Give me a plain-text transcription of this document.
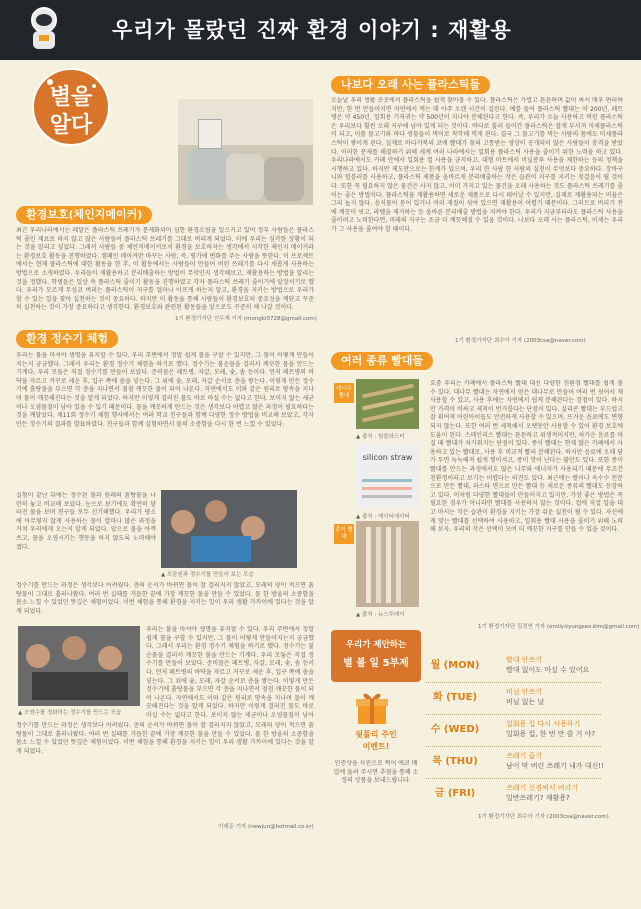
우리가 몰랐던 진짜 환경 이야기 : 재활용
별을
알다
환경보호(체인지메이커)
최근 우리나라에서는 페달은 플라스틱 쓰레기가 문제화되어 심한 환경오염을 일으키고 있어 정부 사람들은 플라스틱 줄인 재료로 하지 않고 많은 사람들이 플라스틱 쓰레기를 그대로 버리게 되었다. 이에 우리는 심각한 상황이 되는 것을 알리고 싶었다. 그래서 사람들 중 체인지메이커로서 환경을 보호하자는 생각에서 시작한 체인지 메이커라는 환경보호 활동을 진행하였다. 캠페인 메이커란 바꾸는 사람, 즉, 평가에 변화를 주는 사람을 뜻한다. 이 프로젝트에서는 현재 플라스틱에 대한 활동을 한 후, 이 활동에서는 사람들이 만들어 버린 쓰레기를 다시 새롭게 사용하는 방법으로 소개하였다. 우리들이 재활용하고 분리배출하는 방법이 무엇인지 생각해보고, 재활용하는 방법을 알리는 것을 정했다. 학생들은 일상 속 플라스틱 줄이기 활동을 진행하였고 각자 플라스틱 쓰레기 줄이기에 앞장서기로 했다. 우리가 모르게 무심코 버리는 플라스틱이 지구를 얼마나 아프게 하는지 알고, 환경을 지키는 방법으로 우리가 할 수 있는 일을 찾아 실천하는 것이 중요하다. 하지만 이 활동을 통해 사람들이 환경보호의 중요성을 깨닫고 꾸준히 실천하는 것이 가장 중요하다고 생각한다. 환경보호와 관련된 활동들을 앞으로도 꾸준히 해 나갈 것이다.
1기 환경기자단 인우재 기자 (mongki0728@gmail.com)
환경 정수기 체험
우리는 물을 마셔야 생명을 유지할 수 있다. 우리 주변에서 정말 쉽게 물을 구할 수 있지만, 그 물이 어떻게 만들어지는지 궁금했다. 그래서 우리는 환경 정수기 체험을 하기로 했다. 정수기는 불순물을 걸러서 깨끗한 물을 만드는 기계다. 우리 모둠은 직접 정수기를 만들어 보았다. 준비물은 페트병, 자갈, 모래, 숯, 솜 등이다. 먼저 페트병의 바닥을 자르고 거꾸로 세운 후, 입구 쪽에 솜을 넣는다. 그 위에 숯, 모래, 자갈 순서로 층을 쌓는다. 이렇게 만든 정수기에 흙탕물을 부으면 각 층을 지나면서 점점 깨끗한 물이 되어 나온다. 자연에서도 이와 같은 원리로 땅속을 지나며 물이 깨끗해진다는 것을 알게 되었다. 하지만 이렇게 걸러진 물도 바로 마실 수는 없다고 한다. 보이지 않는 세균이나 오염물질이 남아 있을 수 있기 때문이다. 물을 깨끗하게 만드는 것은 생각보다 어렵고 많은 과정이 필요하다는 것을 깨달았다. 제11회 정수기 체험 행사에서는 여러 학교 친구들과 함께 다양한 정수 방법을 비교해 보았고, 각자 만든 정수기의 결과를 발표하였다. 친구들과 함께 실험하면서 물의 소중함을 다시 한 번 느낄 수 있었다.
실험이 끝난 뒤에는 정수된 물과 원래의 흙탕물을 나란히 놓고 비교해 보았다. 눈으로 보기에도 확연히 달라진 물을 보며 친구들 모두 신기해했다. 우리가 평소에 아무렇지 않게 사용하는 물이 얼마나 많은 과정을 거쳐 우리에게 오는지 알게 되었다. 앞으로 물을 아껴 쓰고, 물을 오염시키는 행동을 하지 않도록 노력해야겠다.
▲ 모둠원과 정수기를 만들어 보는 모습
정수기를 만드는 과정은 생각보다 어려웠다. 층의 순서가 바뀌면 물이 잘 걸러지지 않았고, 모래의 양이 적으면 흙탕물이 그대로 흘러나왔다. 여러 번 실패를 거듭한 끝에 가장 깨끗한 물을 만들 수 있었다. 물 한 방울의 소중함을 몸소 느낄 수 있었던 뜻깊은 체험이었다. 이번 체험을 통해 환경을 지키는 일이 우리 생활 가까이에 있다는 것을 알게 되었다.
▲ 오염수를 정화하는 정수기를 만드는 모습
우리는 물을 마셔야 생명을 유지할 수 있다. 우리 주변에서 정말 쉽게 물을 구할 수 있지만, 그 물이 어떻게 만들어지는지 궁금했다. 그래서 우리는 환경 정수기 체험을 하기로 했다. 정수기는 불순물을 걸러서 깨끗한 물을 만드는 기계다. 우리 모둠은 직접 정수기를 만들어 보았다. 준비물은 페트병, 자갈, 모래, 숯, 솜 등이다. 먼저 페트병의 바닥을 자르고 거꾸로 세운 후, 입구 쪽에 솜을 넣는다. 그 위에 숯, 모래, 자갈 순서로 층을 쌓는다. 이렇게 만든 정수기에 흙탕물을 부으면 각 층을 지나면서 점점 깨끗한 물이 되어 나온다. 자연에서도 이와 같은 원리로 땅속을 지나며 물이 깨끗해진다는 것을 알게 되었다. 하지만 이렇게 걸러진 물도 바로 마실 수는 없다고 한다. 보이지 않는 세균이나 오염물질이 남아
정수기를 만드는 과정은 생각보다 어려웠다. 층의 순서가 바뀌면 물이 잘 걸러지지 않았고, 모래의 양이 적으면 흙탕물이 그대로 흘러나왔다. 여러 번 실패를 거듭한 끝에 가장 깨끗한 물을 만들 수 있었다. 물 한 방울의 소중함을 몸소 느낄 수 있었던 뜻깊은 체험이었다. 이번 체험을 통해 환경을 지키는 일이 우리 생활 가까이에 있다는 것을 알게 되었다.
이예준 기자 (newjun@hotmail.co.kr)
나보다 오래 사는 플라스틱들
오늘날 우리 생활 곳곳에서 플라스틱을 쉽게 찾아볼 수 있다. 플라스틱은 가볍고 튼튼하며 값이 싸서 매우 편리하지만, 한 번 만들어지면 자연에서 썩는 데 아주 오랜 시간이 걸린다. 예를 들어 플라스틱 빨대는 약 200년, 페트병은 약 450년, 일회용 기저귀는 약 500년이 지나야 분해된다고 한다. 즉, 우리가 오늘 사용하고 버린 플라스틱은 우리보다 훨씬 오래 지구에 남아 있게 되는 것이다. 바다로 흘러 들어간 플라스틱은 잘게 부서져 미세플라스틱이 되고, 이를 물고기와 바다 생물들이 먹이로 착각해 먹게 된다. 결국 그 물고기를 먹는 사람의 몸에도 미세플라스틱이 쌓이게 된다. 실제로 바다거북의 코에 빨대가 꽂혀 고통받는 영상이 공개되어 많은 사람들이 충격을 받았다. 이러한 문제를 해결하기 위해 세계 여러 나라에서는 일회용 플라스틱 사용을 줄이기 위한 노력을 하고 있다. 우리나라에서도 카페 안에서 일회용 컵 사용을 금지하고, 대형 마트에서 비닐봉투 사용을 제한하는 등의 정책을 시행하고 있다. 하지만 제도만으로는 한계가 있으며, 우리 한 사람 한 사람의 실천이 무엇보다 중요하다. 장바구니와 텀블러를 사용하고, 플라스틱 제품을 올바르게 분리배출하는 작은 습관이 지구를 지키는 첫걸음이 될 것이다. 또한 꼭 필요하지 않은 물건은 사지 않고, 이미 가지고 있는 물건을 오래 사용하는 것도 플라스틱 쓰레기를 줄이는 좋은 방법이다. 플라스틱을 재활용하면 새로운 제품으로 다시 태어날 수 있지만, 실제로 재활용되는 비율은 그리 높지 않다. 음식물이 묻어 있거나 여러 재질이 섞여 있으면 재활용이 어렵기 때문이다. 그러므로 버리기 전에 깨끗이 씻고, 라벨을 제거하는 등 올바른 분리배출 방법을 지켜야 한다. 우리가 지금부터라도 플라스틱 사용을 줄이려고 노력한다면, 미래의 지구는 조금 더 깨끗해질 수 있을 것이다. 나보다 오래 사는 플라스틱, 이제는 우리가 그 사용을 줄여야 할 때이다.
1기 환경기자단 최수아 기자 (2003csa@naver.com)
여러 종류 빨대들
대나무 빨대
▲ 출처 : 힘블라스터
silicon straw
▲ 출처 : 에이티에이티
종이 빨대
▲ 출처 : 뉴스투데이
요즘 우리는 카페에서 플라스틱 빨대 대신 다양한 친환경 빨대를 쉽게 볼 수 있다. 대나무 빨대는 자연에서 얻은 대나무로 만들어 여러 번 씻어서 재사용할 수 있고, 사용 후에는 자연에서 쉽게 분해된다는 장점이 있다. 하지만 가격이 비싸고 세척이 번거롭다는 단점이 있다. 실리콘 빨대는 부드럽고 잘 휘어져 어린아이들도 안전하게 사용할 수 있으며, 뜨거운 음료에도 변형되지 않는다. 또한 여러 번 세척해서 오랫동안 사용할 수 있어 환경 보호에 도움이 된다. 스테인리스 빨대는 튼튼하고 위생적이지만, 차가운 음료를 마실 때 빨대가 차가워지는 단점이 있다. 종이 빨대는 현재 많은 카페에서 사용하고 있는 빨대로, 사용 후 비교적 빨리 분해된다. 하지만 음료에 오래 담가 두면 눅눅해져 쉽게 찢어지고, 종이 맛이 난다는 불만도 있다. 또한 종이 빨대를 만드는 과정에서도 많은 나무와 에너지가 사용되기 때문에 무조건 친환경이라고 보기는 어렵다는 의견도 있다. 최근에는 쌀이나 옥수수 전분으로 만든 빨대, 파스타 면으로 만든 빨대 등 새로운 종류의 빨대도 등장하고 있다. 이처럼 다양한 빨대들이 만들어지고 있지만, 가장 좋은 방법은 꼭 필요한 경우가 아니라면 빨대를 사용하지 않는 것이다. 컵에 직접 입을 대고 마시는 작은 습관이 환경을 지키는 가장 쉬운 실천이 될 수 있다. 자신에게 맞는 빨대를 선택하여 사용하고, 일회용 빨대 사용을 줄이기 위해 노력해 보자. 우리의 작은 선택이 모여 더 깨끗한 지구를 만들 수 있을 것이다.
1기 환경기자단 김경연 기자 (emily.kyungseo.kim@gmail.com)
우리가 제안하는
별 볼 일 5부제
뒷풀리 주인
이벤트!
인증샷을 사진으로 찍어 에코 메일에 올려 주시면 추첨을 통해 소정의 상품을 보내드립니다.
월 (MON)	빨대 안쓰기
빨대 없이도 마실 수 있어요
화 (TUE)	비닐 안쓰기
비닐 없는 날
수 (WED)	일회용 컵 다시 사용하기
일회용 컵, 한 번 만 쓸 거 야?
목 (THU)	쓰레기 줍기
남이 막 버린 쓰레기 내가 대신!!
금 (FRI)	쓰레기 신경써서 버리기
일반쓰레기? 재활용?
1기 환경기자단 최수아 기자 (2003csa@naver.com)
